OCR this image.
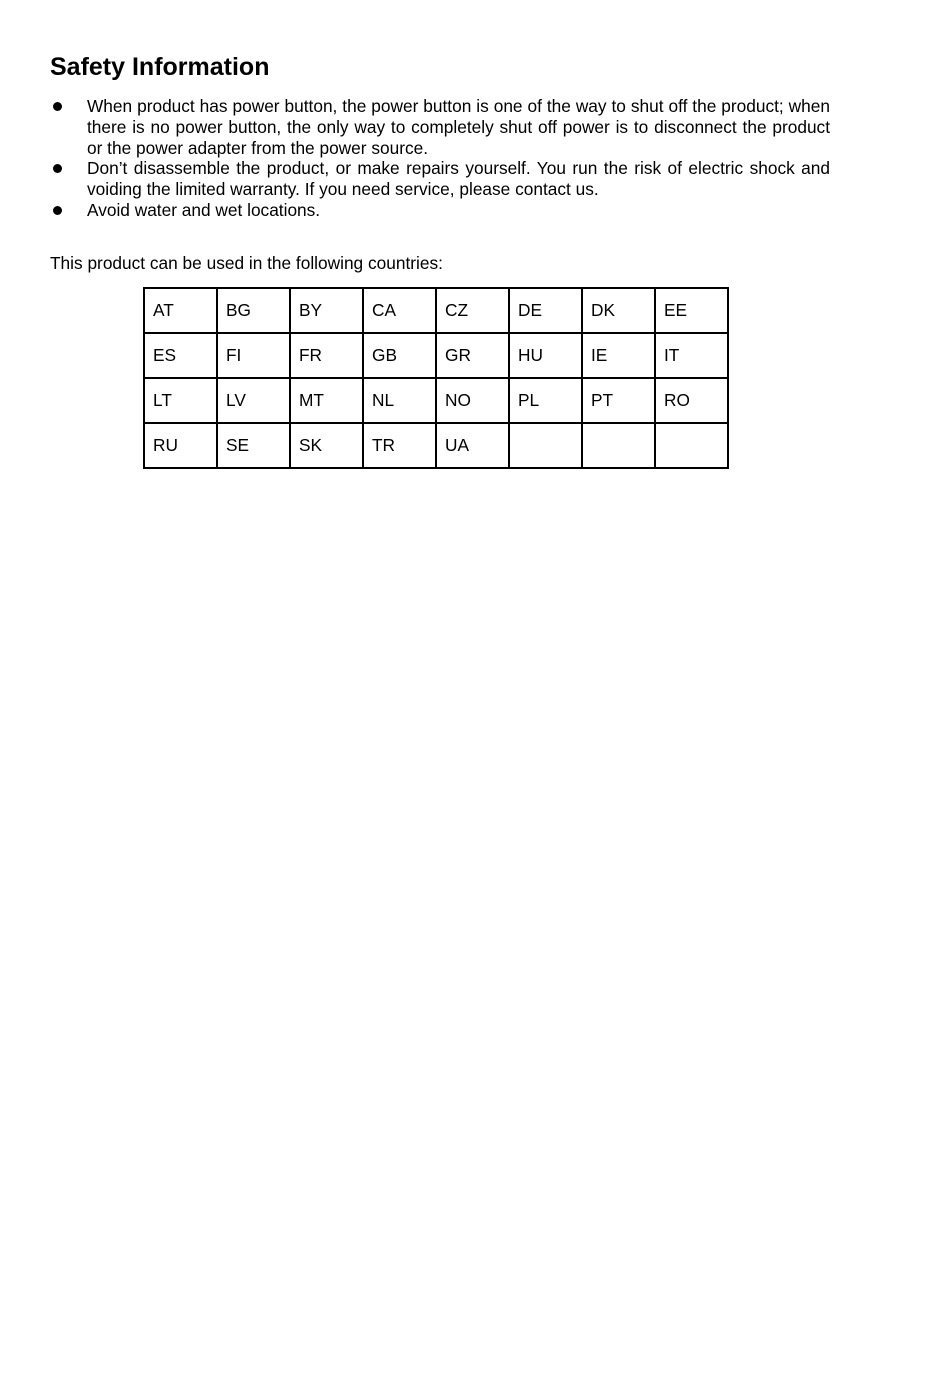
Safety Information
When product has power button, the power button is one of the way to shut off the product; when there is no power button, the only way to completely shut off power is to disconnect the product or the power adapter from the power source.
Don’t disassemble the product, or make repairs yourself. You run the risk of electric shock and voiding the limited warranty. If you need service, please contact us.
Avoid water and wet locations.

This product can be used in the following countries:

AT	BG	BY	CA	CZ	DE	DK	EE
ES	FI	FR	GB	GR	HU	IE	IT
LT	LV	MT	NL	NO	PL	PT	RO
RU	SE	SK	TR	UA			
